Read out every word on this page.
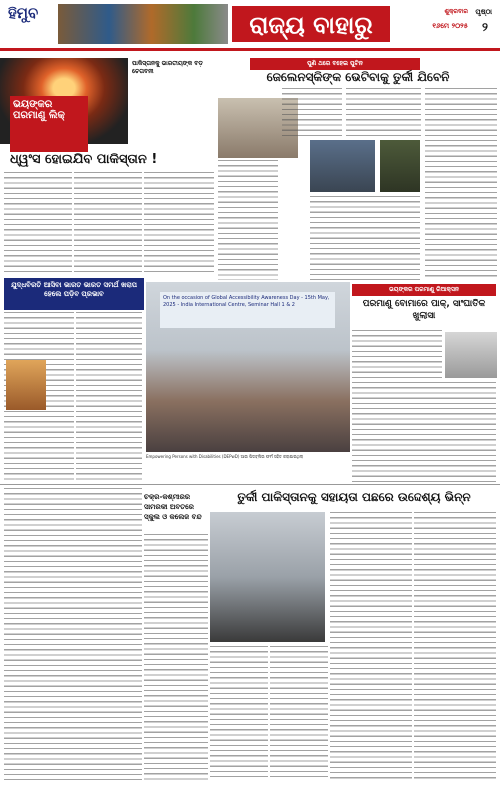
ହିମୁବ	ରାଜ୍ୟ ବାହାରୁ	ଶୁକ୍ରବାର ପୃଷ୍ଠା
୧୬ମେ ୨୦୨୫ ୨
ଭୟଙ୍କର ପରମାଣୁ ଲିକ୍
ପାକିସ୍ତାନକୁ ଭାରତୀୟଙ୍କ ବଡ଼ ଚେତାବନୀ
ଧ୍ୱଂସ ହୋଇଯିବ ପାକିସ୍ତାନ !
ପୁଣି ଥରେ ବହେଇ ପୁଟିନ
ଜେଲେନସ୍କିଙ୍କ ଭେଟିବାକୁ ତୁର୍କୀ ଯିବେନି
ଯୁଦ୍ଧବିରତି ଆସିବା ଭାରତ ଭାରତ ସମର୍ଥ ଖରାପ ହେଲେ ପଡ଼ିବ ପ୍ରଭାବ	On the occasion of Global Accessibility Awareness Day - 15th May, 2025 - India International Centre, Seminar Hall 1 & 2
Empowering Persons with Disabilities (DEPwD) ଆଉ ପିଡବ୍ଲିଉ ଫର୍ମ ସହିତ କରାଯାଇଥିଲା
ଭୟଙ୍କର ପରମାଣୁ ରିଆକ୍ସନ
ପରମାଣୁ ବୋମାରେ ପାକ୍, ସାଂଘାତିକ ଖୁଲାସା
ଚକ୍ର-କଶ୍ମୀରର ସାମରକୀ ଅବତରେ ସ୍କୁଲ ଓ କଲେଜ ବନ୍ଦ
ତୁର୍କୀ ପାକିସ୍ତାନକୁ ସହାୟତା ପଛରେ ଉଦ୍ଦେଶ୍ୟ ଭିନ୍ନ
